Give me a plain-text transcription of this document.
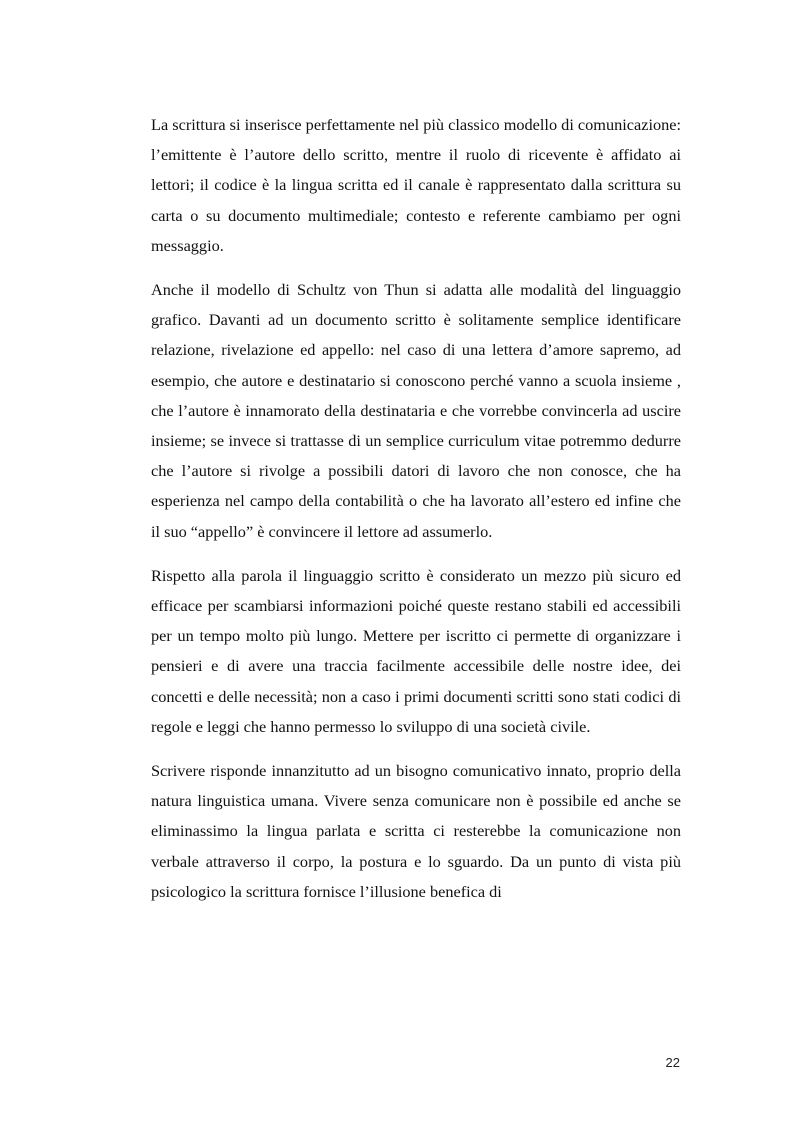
La scrittura si inserisce perfettamente nel più classico modello di comunicazione: l’emittente è l’autore dello scritto, mentre il ruolo di ricevente è affidato ai lettori; il codice è la lingua scritta ed il canale è rappresentato dalla scrittura su carta o su documento multimediale; contesto e referente cambiamo per ogni messaggio.

Anche il modello di Schultz von Thun si adatta alle modalità del linguaggio grafico. Davanti ad un documento scritto è solitamente semplice identificare relazione, rivelazione ed appello: nel caso di una lettera d’amore sapremo, ad esempio, che autore e destinatario si conoscono perché vanno a scuola insieme , che l’autore è innamorato della destinataria e che vorrebbe convincerla ad uscire insieme; se invece si trattasse di un semplice curriculum vitae potremmo dedurre che l’autore si rivolge a possibili datori di lavoro che non conosce, che ha esperienza nel campo della contabilità o che ha lavorato all’estero ed infine che il suo “appello” è convincere il lettore ad assumerlo.

Rispetto alla parola il linguaggio scritto è considerato un mezzo più sicuro ed efficace per scambiarsi informazioni poiché queste restano stabili ed accessibili per un tempo molto più lungo. Mettere per iscritto ci permette di organizzare i pensieri e di avere una traccia facilmente accessibile delle nostre idee, dei concetti e delle necessità; non a caso i primi documenti scritti sono stati codici di regole e leggi che hanno permesso lo sviluppo di una società civile.

Scrivere risponde innanzitutto ad un bisogno comunicativo innato, proprio della natura linguistica umana. Vivere senza comunicare non è possibile ed anche se eliminassimo la lingua parlata e scritta ci resterebbe la comunicazione non verbale attraverso il corpo, la postura e lo sguardo. Da un punto di vista più psicologico la scrittura fornisce l’illusione benefica di

22
